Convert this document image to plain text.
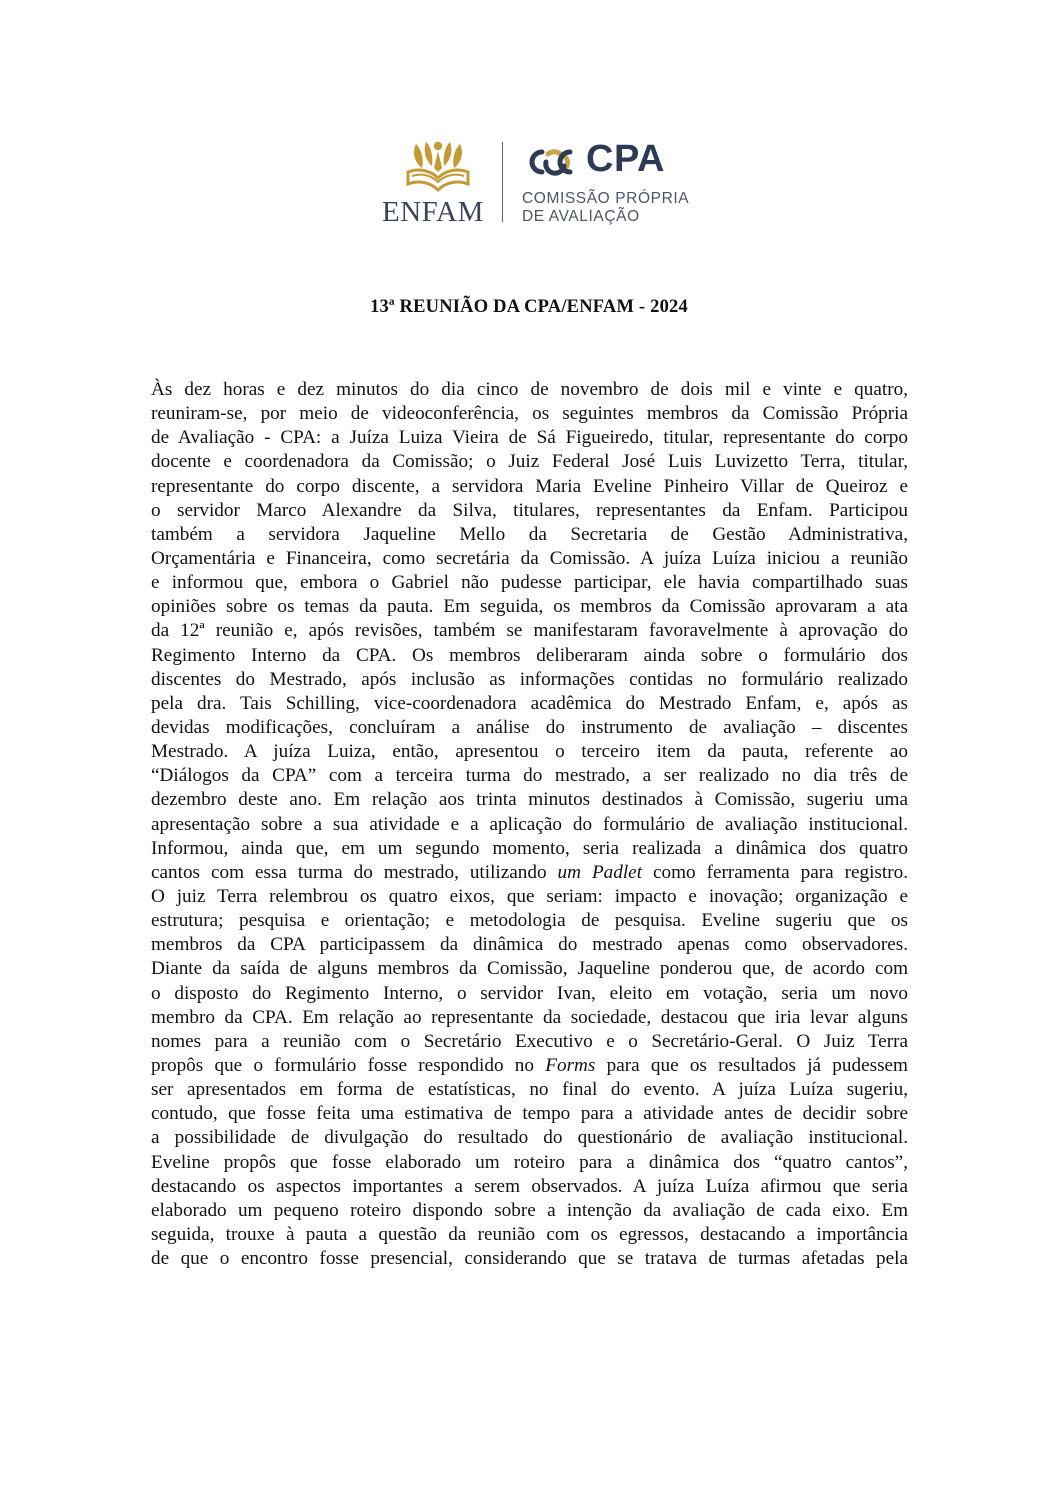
ENFAM
CPA
COMISSÃO PRÓPRIA
DE AVALIAÇÃO
13ª REUNIÃO DA CPA/ENFAM - 2024
Às dez horas e dez minutos do dia cinco de novembro de dois mil e vinte e quatro,
reuniram-se, por meio de videoconferência, os seguintes membros da Comissão Própria
de Avaliação - CPA: a Juíza Luiza Vieira de Sá Figueiredo, titular, representante do corpo
docente e coordenadora da Comissão; o Juiz Federal José Luis Luvizetto Terra, titular,
representante do corpo discente, a servidora Maria Eveline Pinheiro Villar de Queiroz e
o servidor Marco Alexandre da Silva, titulares, representantes da Enfam. Participou
também a servidora Jaqueline Mello da Secretaria de Gestão Administrativa,
Orçamentária e Financeira, como secretária da Comissão. A juíza Luíza iniciou a reunião
e informou que, embora o Gabriel não pudesse participar, ele havia compartilhado suas
opiniões sobre os temas da pauta. Em seguida, os membros da Comissão aprovaram a ata
da 12ª reunião e, após revisões, também se manifestaram favoravelmente à aprovação do
Regimento Interno da CPA. Os membros deliberaram ainda sobre o formulário dos
discentes do Mestrado, após inclusão as informações contidas no formulário realizado
pela dra. Tais Schilling, vice-coordenadora acadêmica do Mestrado Enfam, e, após as
devidas modificações, concluíram a análise do instrumento de avaliação – discentes
Mestrado. A juíza Luiza, então, apresentou o terceiro item da pauta, referente ao
“Diálogos da CPA” com a terceira turma do mestrado, a ser realizado no dia três de
dezembro deste ano. Em relação aos trinta minutos destinados à Comissão, sugeriu uma
apresentação sobre a sua atividade e a aplicação do formulário de avaliação institucional.
Informou, ainda que, em um segundo momento, seria realizada a dinâmica dos quatro
cantos com essa turma do mestrado, utilizando um Padlet como ferramenta para registro.
O juiz Terra relembrou os quatro eixos, que seriam: impacto e inovação; organização e
estrutura; pesquisa e orientação; e metodologia de pesquisa. Eveline sugeriu que os
membros da CPA participassem da dinâmica do mestrado apenas como observadores.
Diante da saída de alguns membros da Comissão, Jaqueline ponderou que, de acordo com
o disposto do Regimento Interno, o servidor Ivan, eleito em votação, seria um novo
membro da CPA. Em relação ao representante da sociedade, destacou que iria levar alguns
nomes para a reunião com o Secretário Executivo e o Secretário-Geral. O Juiz Terra
propôs que o formulário fosse respondido no Forms para que os resultados já pudessem
ser apresentados em forma de estatísticas, no final do evento. A juíza Luíza sugeriu,
contudo, que fosse feita uma estimativa de tempo para a atividade antes de decidir sobre
a possibilidade de divulgação do resultado do questionário de avaliação institucional.
Eveline propôs que fosse elaborado um roteiro para a dinâmica dos “quatro cantos”,
destacando os aspectos importantes a serem observados. A juíza Luíza afirmou que seria
elaborado um pequeno roteiro dispondo sobre a intenção da avaliação de cada eixo. Em
seguida, trouxe à pauta a questão da reunião com os egressos, destacando a importância
de que o encontro fosse presencial, considerando que se tratava de turmas afetadas pela
